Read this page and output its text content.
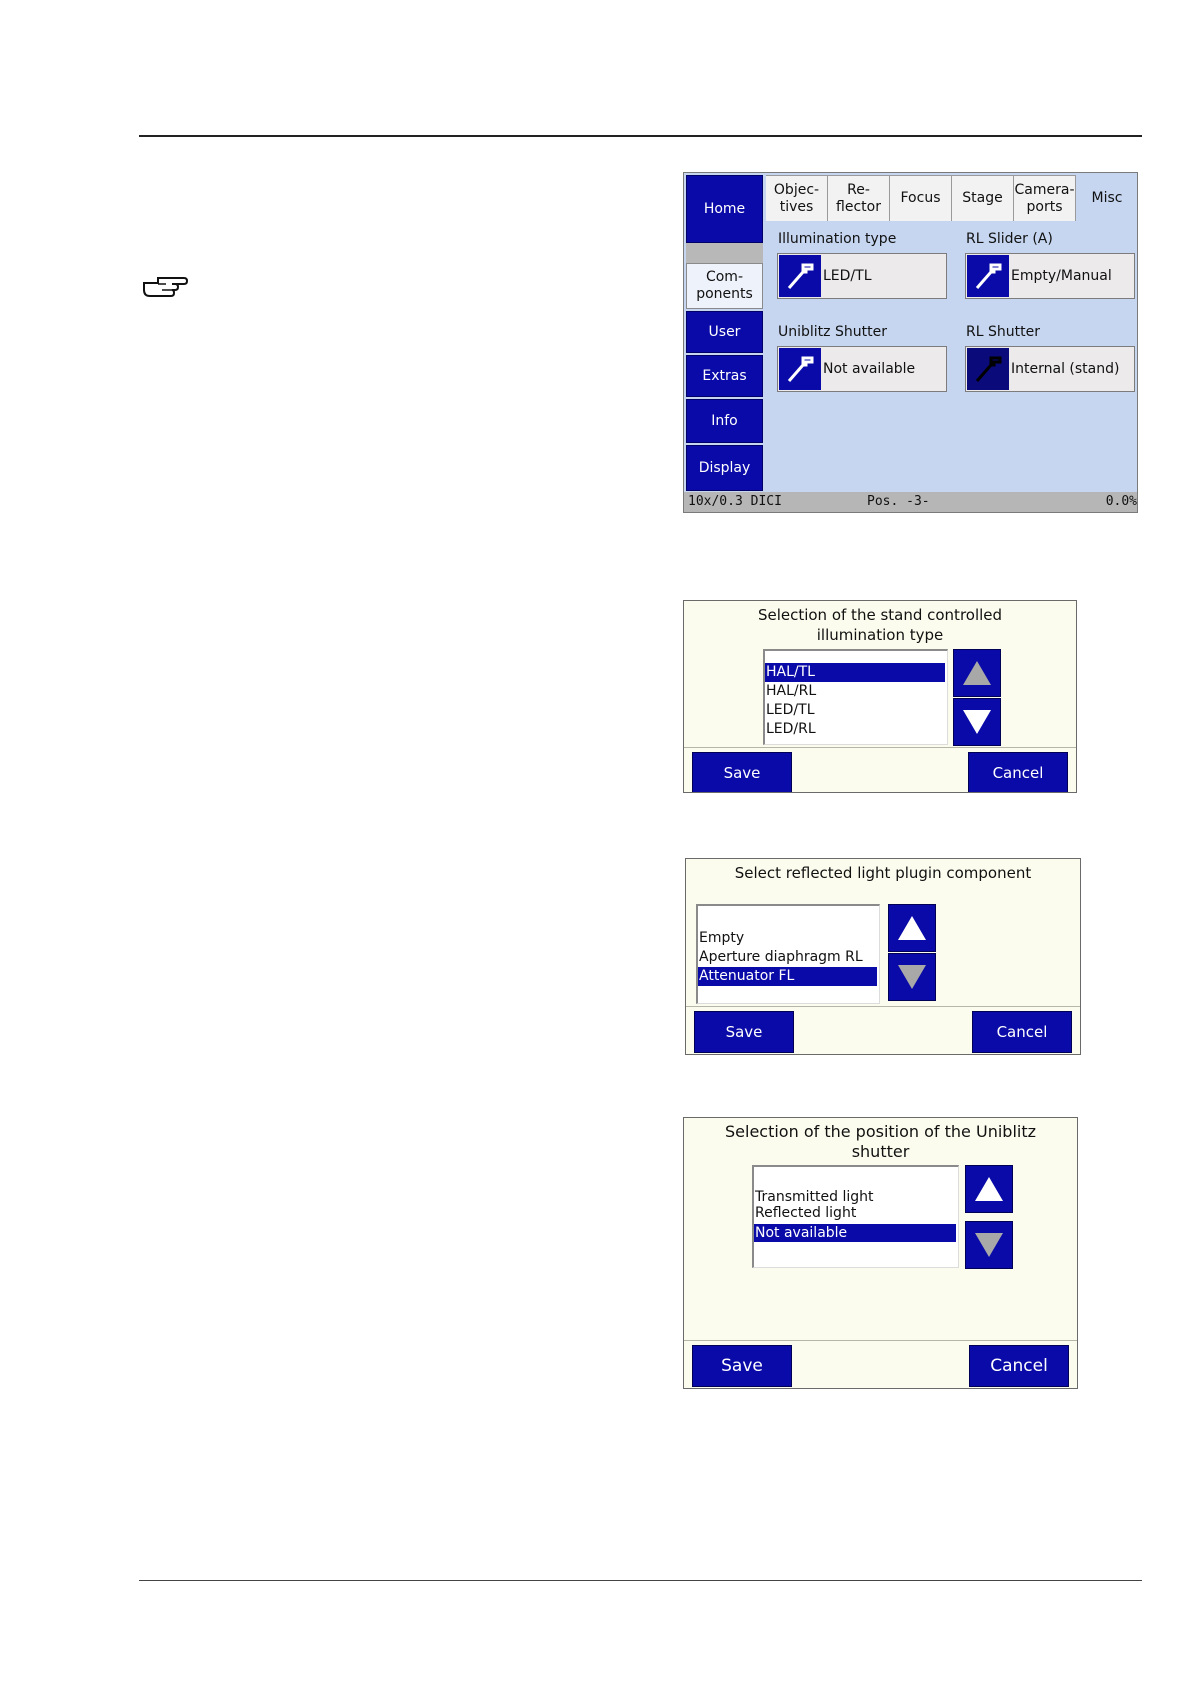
Home
Com-
ponents
User
Extras
Info
Display
Objec-
tives
Re-
flector
Focus	Stage
Camera-
ports
Misc
Illumination type
LED/TL
RL Slider (A)
Empty/Manual
Uniblitz Shutter
Not available
RL Shutter
Internal (stand)
10x/0.3 DICI	Pos. -3-	0.0%
Selection of the stand controlled illumination type
HAL/TL
HAL/RL
LED/TL
LED/RL
Save	Cancel
Select reflected light plugin component
Empty
Aperture diaphragm RL
Attenuator FL
Save	Cancel
Selection of the position of the Uniblitz shutter
Transmitted light
Reflected light
Not available
Save	Cancel
